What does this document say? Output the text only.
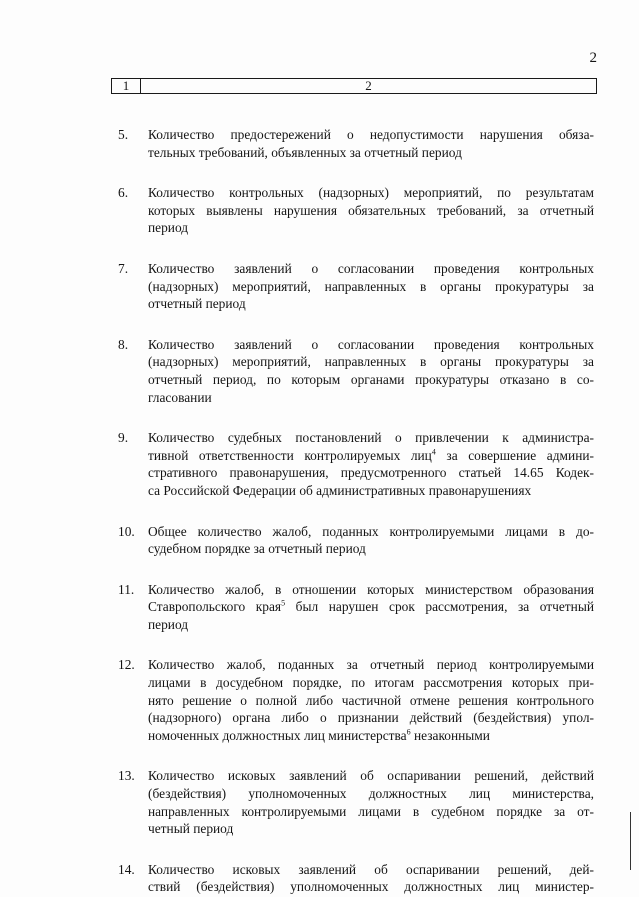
2
1	2
5.	Количество предостережений о недопустимости нарушения обяза-
тельных требований, объявленных за отчетный период
6.	Количество контрольных (надзорных) мероприятий, по результатам
которых выявлены нарушения обязательных требований, за отчетный
период
7.	Количество заявлений о согласовании проведения контрольных
(надзорных) мероприятий, направленных в органы прокуратуры за
отчетный период
8.	Количество заявлений о согласовании проведения контрольных
(надзорных) мероприятий, направленных в органы прокуратуры за
отчетный период, по которым органами прокуратуры отказано в со-
гласовании
9.	Количество судебных постановлений о привлечении к администра-
тивной ответственности контролируемых лиц$^4$ за совершение админи-
стративного правонарушения, предусмотренного статьей 14.65 Кодек-
са Российской Федерации об административных правонарушениях
10. Общее количество жалоб, поданных контролируемыми лицами в до-
судебном порядке за отчетный период
11.	Количество жалоб, в отношении которых министерством образования
Ставропольского края$^5$ был нарушен срок рассмотрения, за отчетный
период
12. Количество жалоб, поданных за отчетный период контролируемыми
лицами в досудебном порядке, по итогам рассмотрения которых при-
нято решение о полной либо частичной отмене решения контрольного
(надзорного) органа либо о признании действий (бездействия) упол-
номоченных должностных лиц министерства$^6$ незаконными
13. Количество исковых заявлений об оспаривании решений, действий
(бездействия) уполномоченных должностных лиц министерства,
направленных контролируемыми лицами в судебном порядке за от-
четный период
14. Количество исковых заявлений об оспаривании решений, дей-
ствий (бездействия) уполномоченных должностных лиц министер-
